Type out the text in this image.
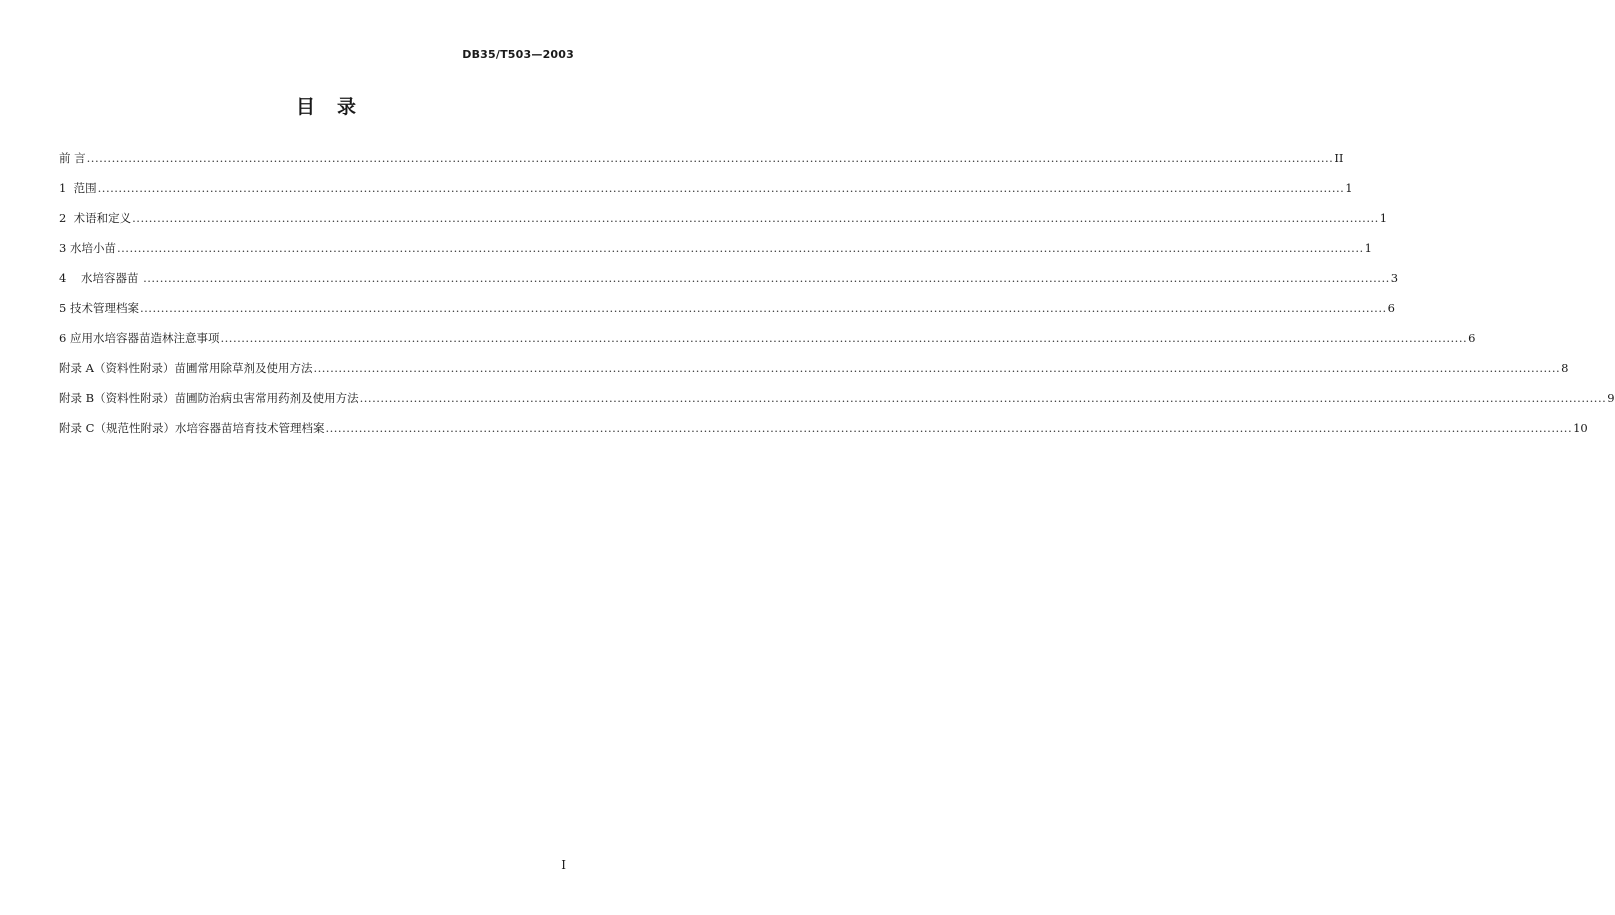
DB35/T503—2003
目录
前 言 ............................................................................................................................................................................................................................................................................................................ II
1  范围 ............................................................................................................................................................................................................................................................................................................ 1
2  术语和定义 ............................................................................................................................................................................................................................................................................................................ 1
3 水培小苗 ............................................................................................................................................................................................................................................................................................................ 1
4    水培容器苗 ............................................................................................................................................................................................................................................................................................................ 3
5 技术管理档案 ............................................................................................................................................................................................................................................................................................................ 6
6 应用水培容器苗造林注意事项 ............................................................................................................................................................................................................................................................................................................ 6
附录 A（资料性附录）苗圃常用除草剂及使用方法 ............................................................................................................................................................................................................................................................................................................ 8
附录 B（资料性附录）苗圃防治病虫害常用药剂及使用方法 ............................................................................................................................................................................................................................................................................................................ 9
附录 C（规范性附录）水培容器苗培育技术管理档案 ............................................................................................................................................................................................................................................................................................................ 10
I
